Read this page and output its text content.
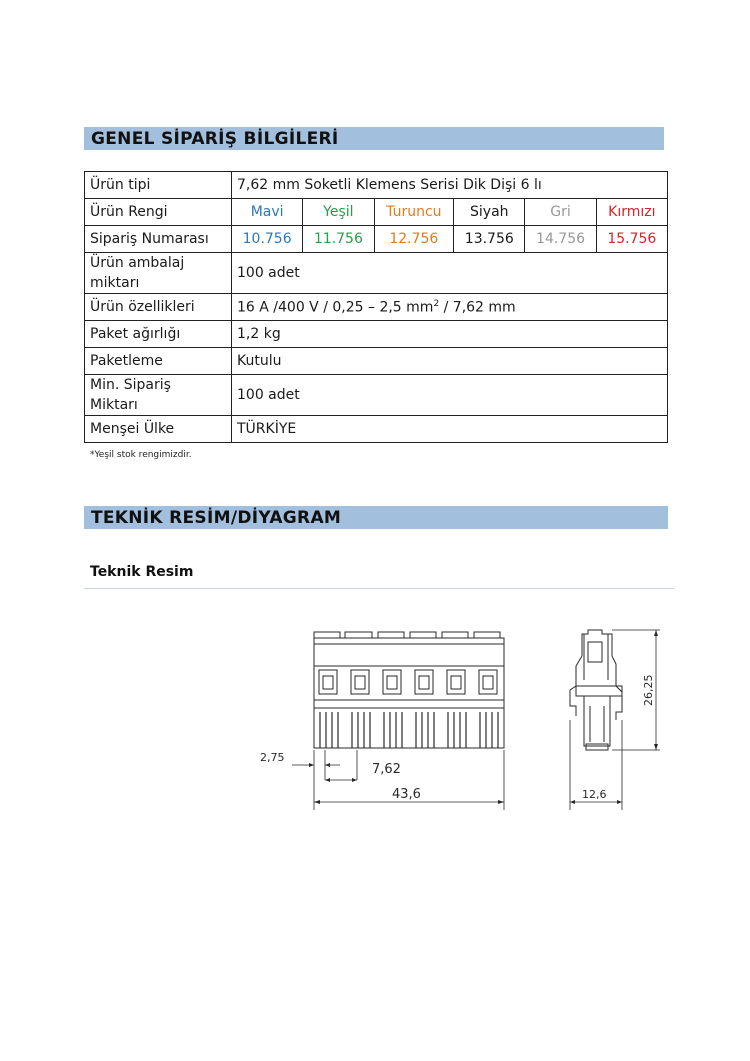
GENEL SİPARİŞ BİLGİLERİ
Ürün tipi	7,62 mm Soketli Klemens Serisi Dik Dişi 6 lı					
Ürün Rengi	Mavi	Yeşil	Turuncu	Siyah	Gri	Kırmızı
Sipariş Numarası	10.756	11.756	12.756	13.756	14.756	15.756
Ürün ambalaj
miktarı	100 adet					
Ürün özellikleri	16 A /400 V / 0,25 – 2,5 $mm^2 / 7,62$ mm					
Paket ağırlığı	1,2 kg					
Paketleme	Kutulu					
Min. Sipariş
Miktarı	100 adet					
Menşei Ülke	TÜRKİYE					
*Yeşil stok rengimizdir.
TEKNİK RESİM/DİYAGRAM
Teknik Resim
2,75
7,62
43,6
26,25
12,6
